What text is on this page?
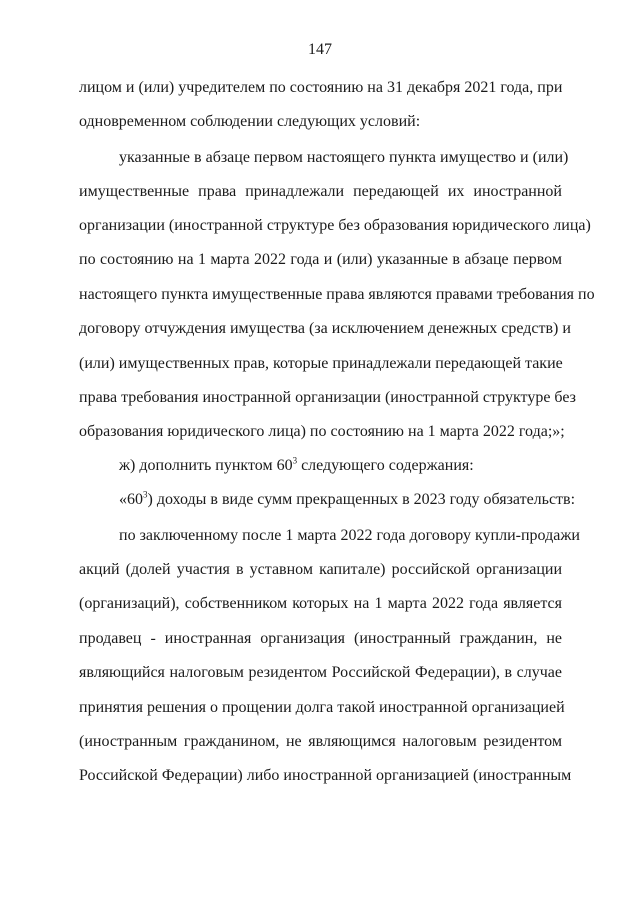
147
лицом и (или) учредителем по состоянию на 31 декабря 2021 года, при
одновременном соблюдении следующих условий:
указанные в абзаце первом настоящего пункта имущество и (или)
имущественные права принадлежали передающей их иностранной
организации (иностранной структуре без образования юридического лица)
по состоянию на 1 марта 2022 года и (или) указанные в абзаце первом
настоящего пункта имущественные права являются правами требования по
договору отчуждения имущества (за исключением денежных средств) и
(или) имущественных прав, которые принадлежали передающей такие
права требования иностранной организации (иностранной структуре без
образования юридического лица) по состоянию на 1 марта 2022 года;»;
ж) дополнить пунктом $60^3$ следующего содержания:
«$60^3$) доходы в виде сумм прекращенных в 2023 году обязательств:
по заключенному после 1 марта 2022 года договору купли-продажи
акций (долей участия в уставном капитале) российской организации
(организаций), собственником которых на 1 марта 2022 года является
продавец - иностранная организация (иностранный гражданин, не
являющийся налоговым резидентом Российской Федерации), в случае
принятия решения о прощении долга такой иностранной организацией
(иностранным гражданином, не являющимся налоговым резидентом
Российской Федерации) либо иностранной организацией (иностранным
